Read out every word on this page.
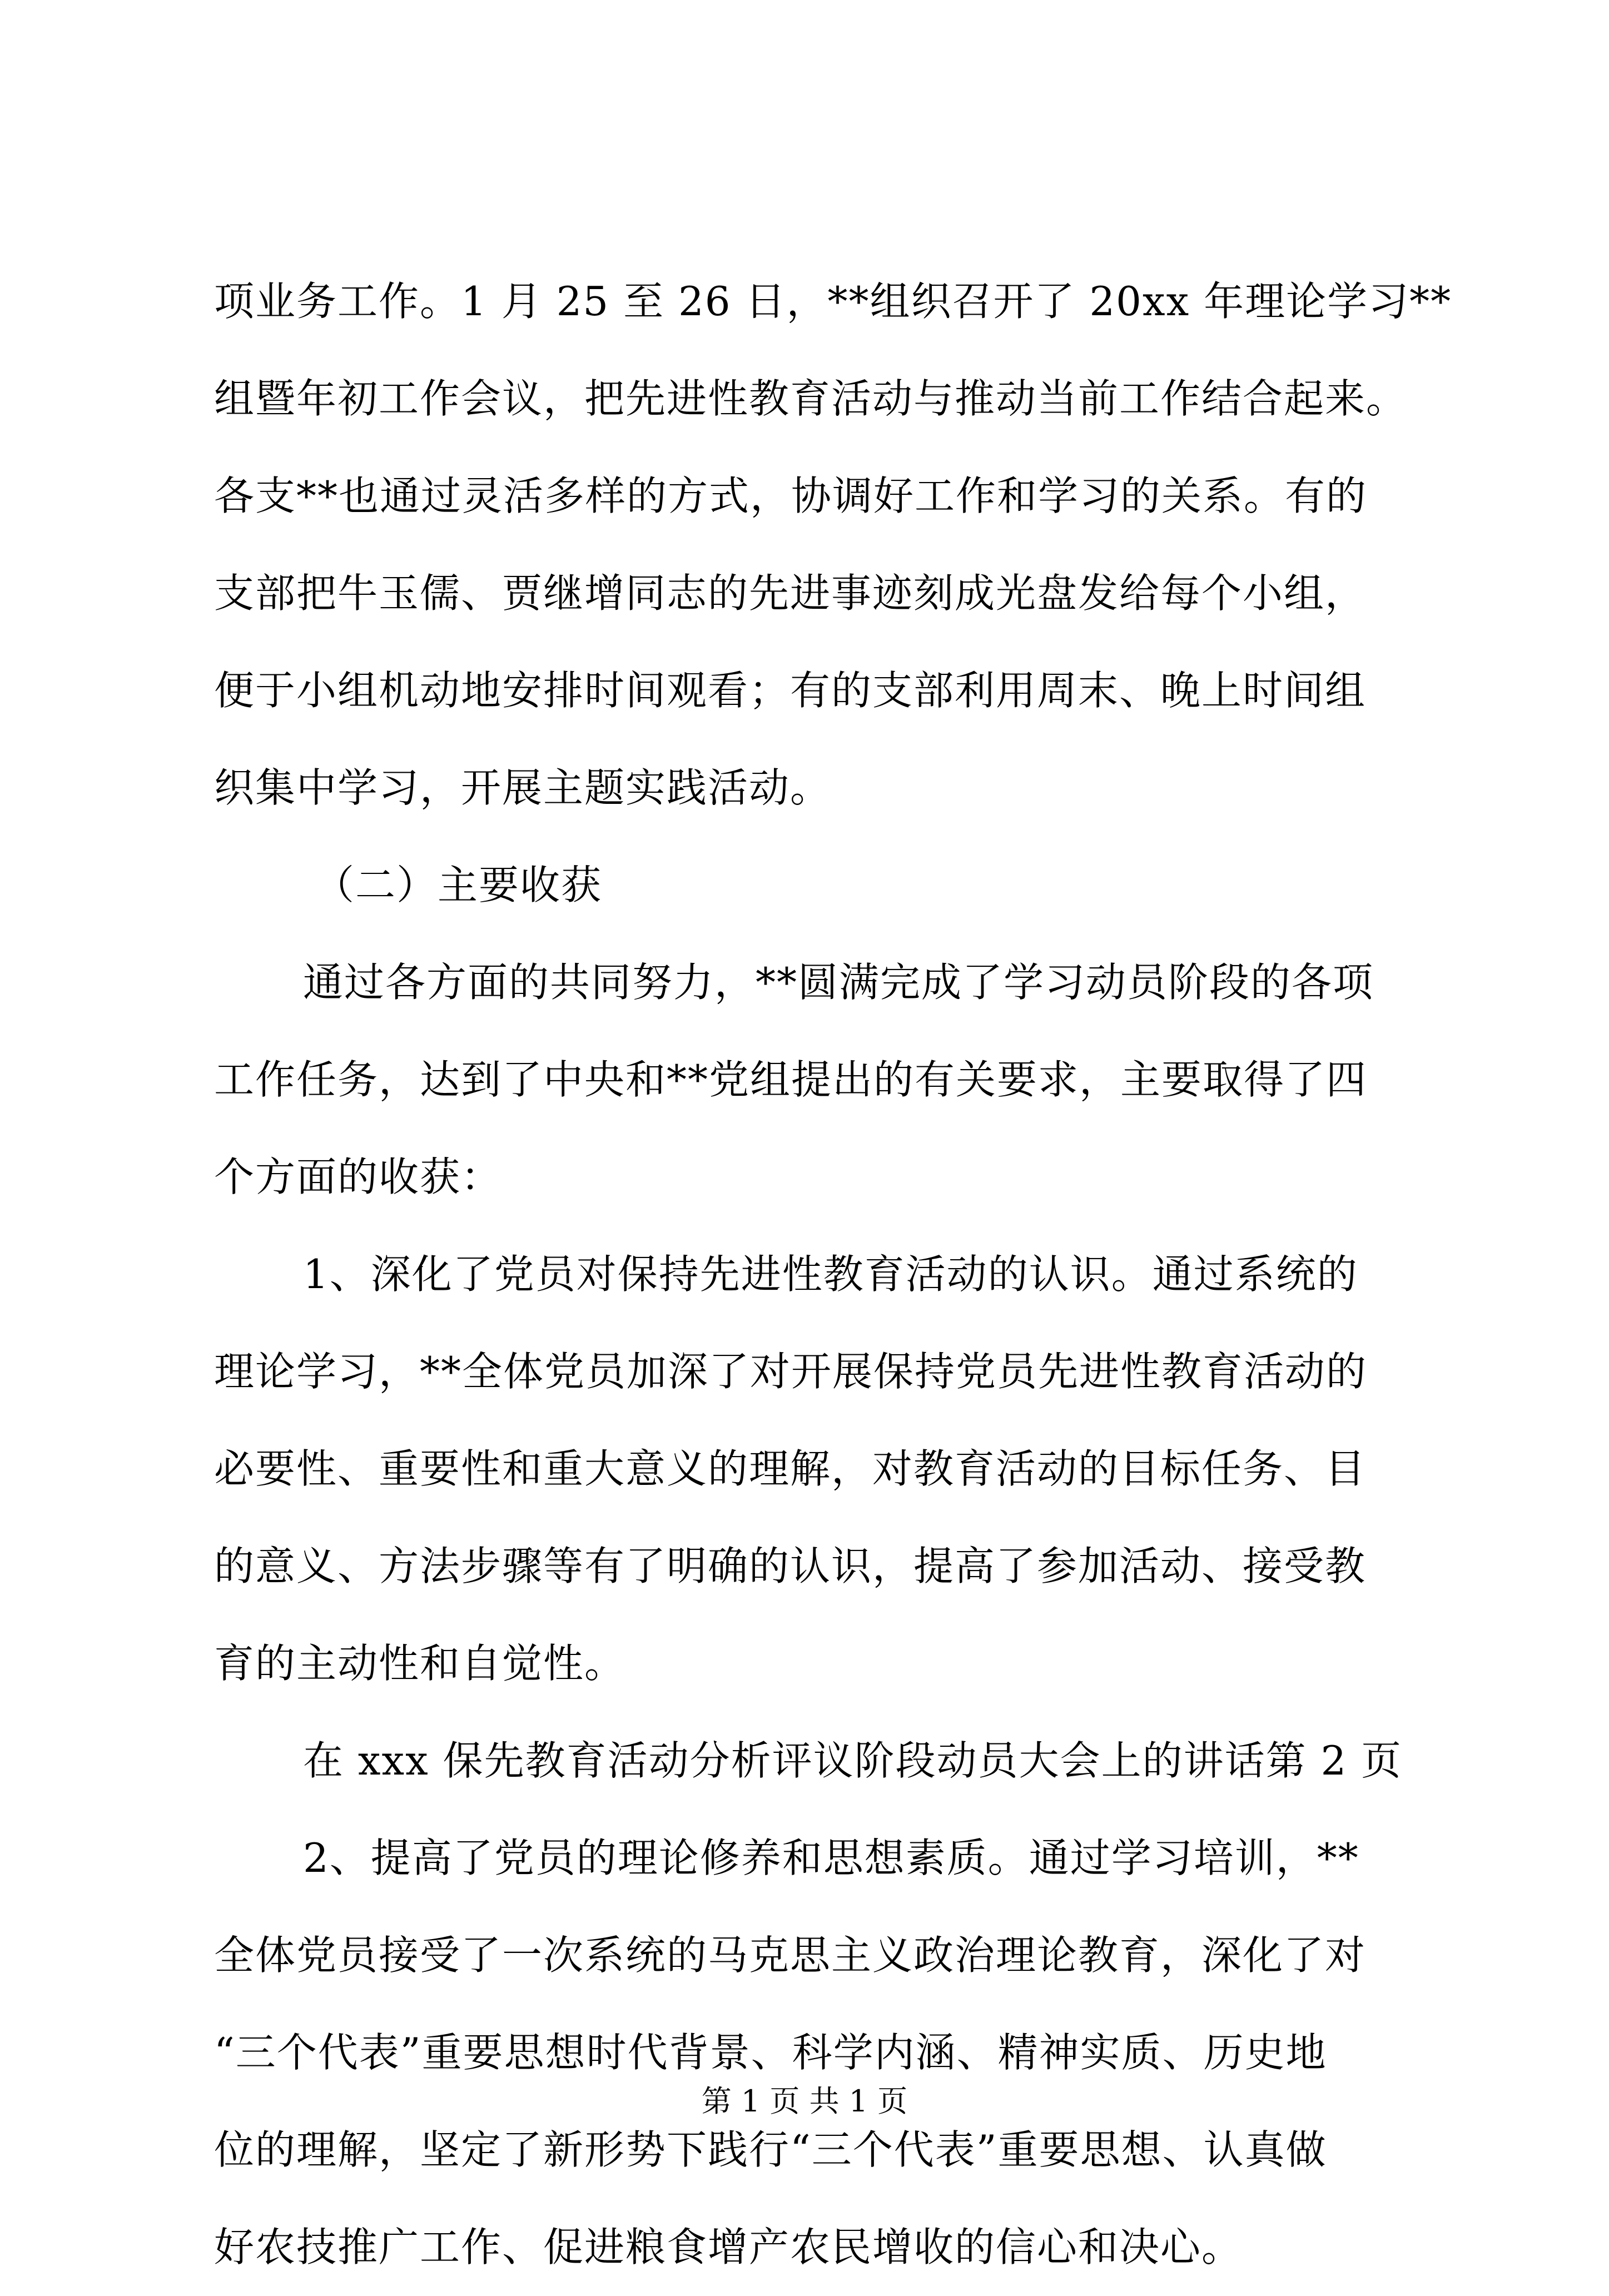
项业务工作。1 月 25 至 26 日，**组织召开了 20xx 年理论学习**
组暨年初工作会议，把先进性教育活动与推动当前工作结合起来。
各支**也通过灵活多样的方式，协调好工作和学习的关系。有的
支部把牛玉儒、贾继增同志的先进事迹刻成光盘发给每个小组，
便于小组机动地安排时间观看；有的支部利用周末、晚上时间组
织集中学习，开展主题实践活动。
（二）主要收获
通过各方面的共同努力，**圆满完成了学习动员阶段的各项
工作任务，达到了中央和**党组提出的有关要求，主要取得了四
个方面的收获：
1、深化了党员对保持先进性教育活动的认识。通过系统的
理论学习，**全体党员加深了对开展保持党员先进性教育活动的
必要性、重要性和重大意义的理解，对教育活动的目标任务、目
的意义、方法步骤等有了明确的认识，提高了参加活动、接受教
育的主动性和自觉性。
在 xxx 保先教育活动分析评议阶段动员大会上的讲话第 2 页
2、提高了党员的理论修养和思想素质。通过学习培训，**
全体党员接受了一次系统的马克思主义政治理论教育，深化了对
“三个代表”重要思想时代背景、科学内涵、精神实质、历史地
位的理解，坚定了新形势下践行“三个代表”重要思想、认真做
好农技推广工作、促进粮食增产农民增收的信心和决心。
第 1 页 共 1 页
